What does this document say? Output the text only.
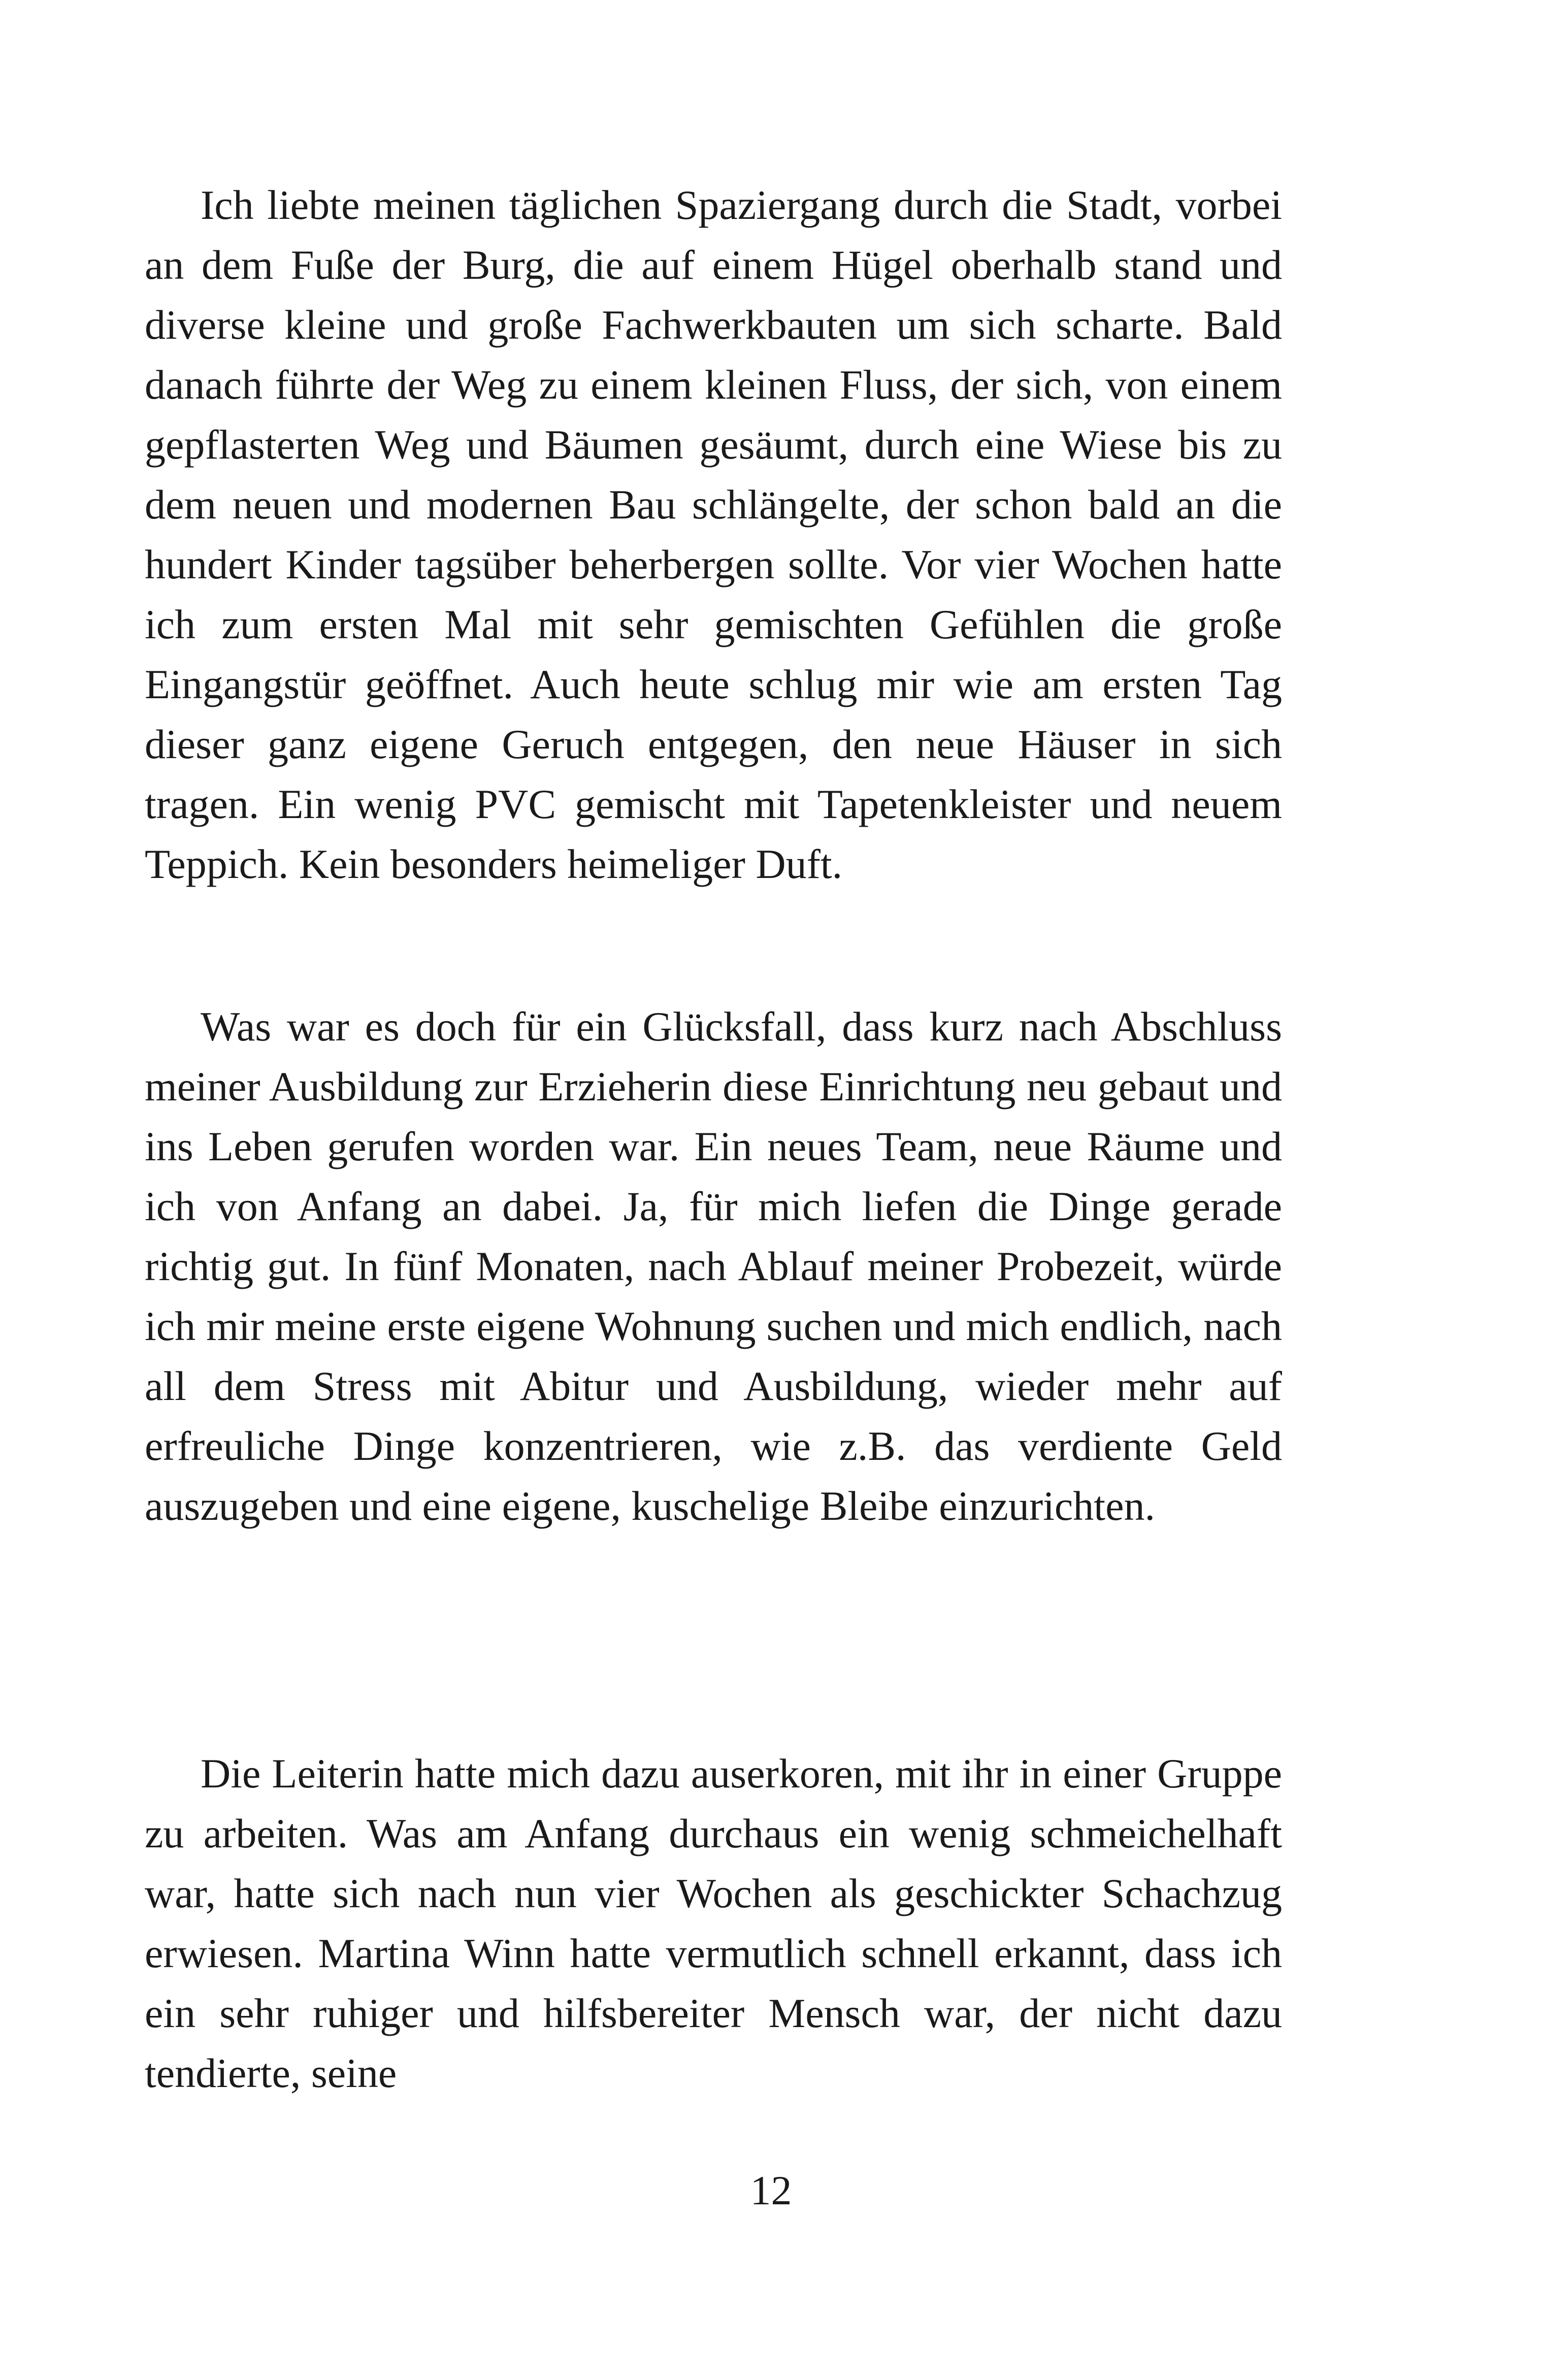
Ich liebte meinen täglichen Spaziergang durch die Stadt, vorbei an dem Fuße der Burg, die auf einem Hügel oberhalb stand und diverse kleine und große Fachwerkbauten um sich scharte. Bald danach führte der Weg zu einem kleinen Fluss, der sich, von einem gepflasterten Weg und Bäumen gesäumt, durch eine Wiese bis zu dem neuen und modernen Bau schlängelte, der schon bald an die hundert Kinder tagsüber beherbergen sollte. Vor vier Wochen hatte ich zum ersten Mal mit sehr gemischten Gefühlen die große Eingangstür geöffnet. Auch heute schlug mir wie am ersten Tag dieser ganz eigene Geruch entgegen, den neue Häuser in sich tragen. Ein wenig PVC gemischt mit Tapetenkleister und neuem Teppich. Kein besonders heimeliger Duft.

Was war es doch für ein Glücksfall, dass kurz nach Abschluss meiner Ausbildung zur Erzieherin diese Einrichtung neu gebaut und ins Leben gerufen worden war. Ein neues Team, neue Räume und ich von Anfang an dabei. Ja, für mich liefen die Dinge gerade richtig gut. In fünf Monaten, nach Ablauf meiner Probezeit, würde ich mir meine erste eigene Wohnung suchen und mich endlich, nach all dem Stress mit Abitur und Ausbildung, wieder mehr auf erfreuliche Dinge konzentrieren, wie z.B. das verdiente Geld auszugeben und eine eigene, kuschelige Bleibe einzurichten.

Die Leiterin hatte mich dazu auserkoren, mit ihr in einer Gruppe zu arbeiten. Was am Anfang durchaus ein wenig schmeichelhaft war, hatte sich nach nun vier Wochen als geschickter Schachzug erwiesen. Martina Winn hatte vermutlich schnell erkannt, dass ich ein sehr ruhiger und hilfsbereiter Mensch war, der nicht dazu tendierte, seine

12
